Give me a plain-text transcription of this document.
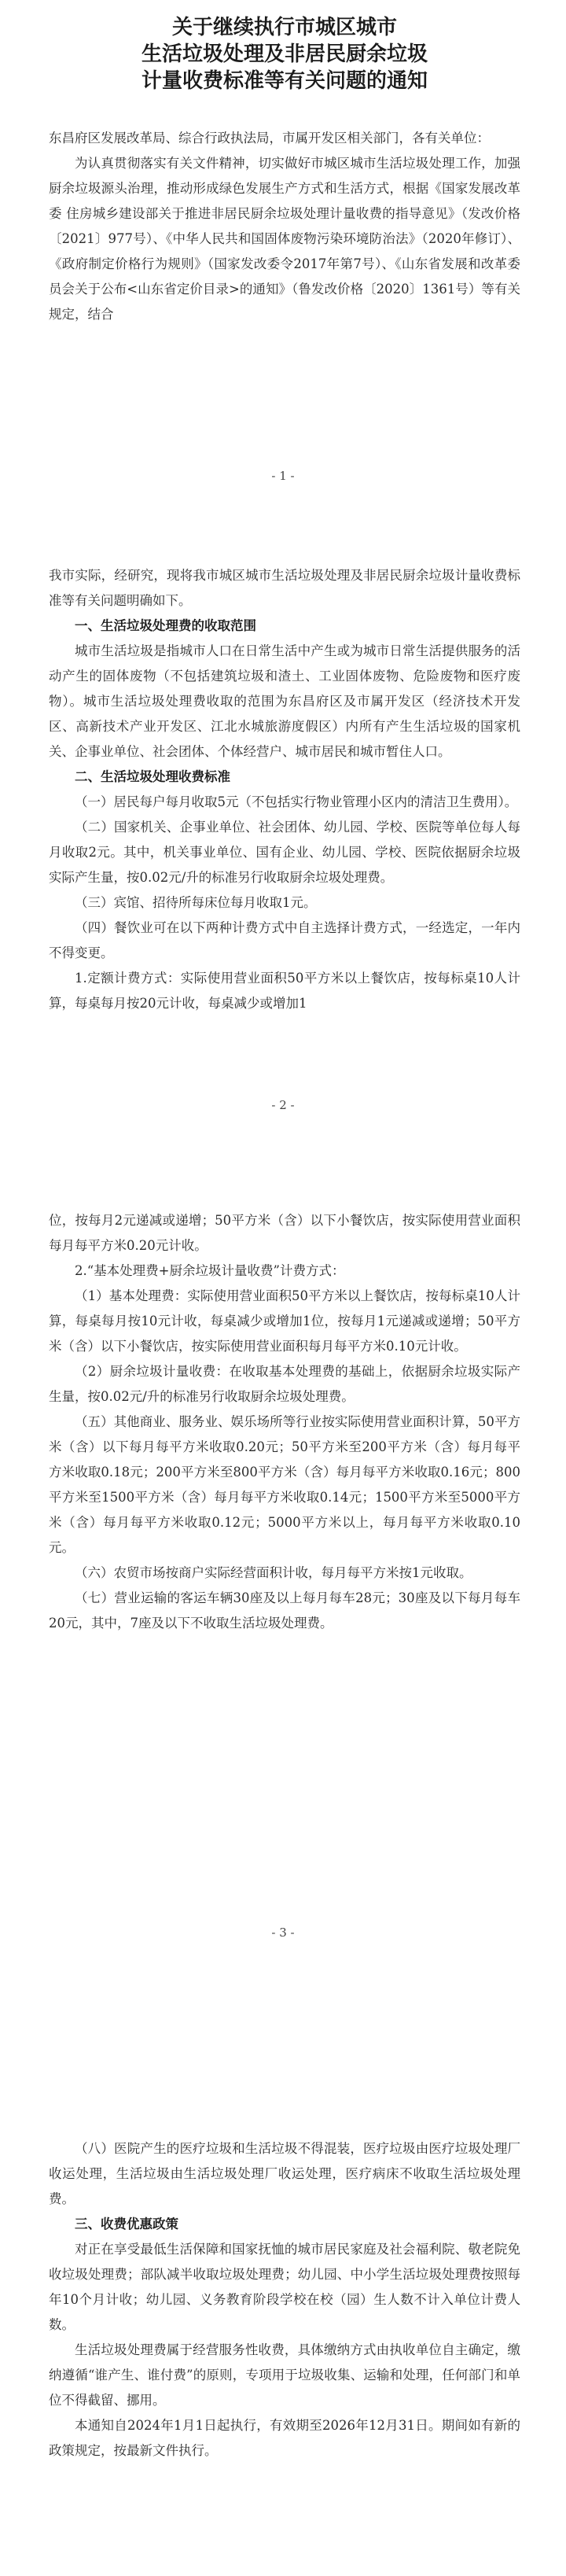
关于继续执行市城区城市
生活垃圾处理及非居民厨余垃圾
计量收费标准等有关问题的通知

东昌府区发展改革局、综合行政执法局，市属开发区相关部门，各有关单位：

为认真贯彻落实有关文件精神，切实做好市城区城市生活垃圾处理工作，加强厨余垃圾源头治理，推动形成绿色发展生产方式和生活方式，根据《国家发展改革委 住房城乡建设部关于推进非居民厨余垃圾处理计量收费的指导意见》（发改价格〔2021〕977号）、《中华人民共和国固体废物污染环境防治法》（2020年修订）、《政府制定价格行为规则》（国家发改委令2017年第7号）、《山东省发展和改革委员会关于公布<山东省定价目录>的通知》（鲁发改价格〔2020〕1361号）等有关规定，结合

- 1 -

我市实际，经研究，现将我市城区城市生活垃圾处理及非居民厨余垃圾计量收费标准等有关问题明确如下。

一、生活垃圾处理费的收取范围

城市生活垃圾是指城市人口在日常生活中产生或为城市日常生活提供服务的活动产生的固体废物（不包括建筑垃圾和渣土、工业固体废物、危险废物和医疗废物）。城市生活垃圾处理费收取的范围为东昌府区及市属开发区（经济技术开发区、高新技术产业开发区、江北水城旅游度假区）内所有产生生活垃圾的国家机关、企事业单位、社会团体、个体经营户、城市居民和城市暂住人口。

二、生活垃圾处理收费标准

（一）居民每户每月收取5元（不包括实行物业管理小区内的清洁卫生费用）。

（二）国家机关、企事业单位、社会团体、幼儿园、学校、医院等单位每人每月收取2元。其中，机关事业单位、国有企业、幼儿园、学校、医院依据厨余垃圾实际产生量，按0.02元/升的标准另行收取厨余垃圾处理费。

（三）宾馆、招待所每床位每月收取1元。

（四）餐饮业可在以下两种计费方式中自主选择计费方式，一经选定，一年内不得变更。

1.定额计费方式：实际使用营业面积50平方米以上餐饮店，按每标桌10人计算，每桌每月按20元计收，每桌减少或增加1

- 2 -

位，按每月2元递减或递增；50平方米（含）以下小餐饮店，按实际使用营业面积每月每平方米0.20元计收。

2.“基本处理费+厨余垃圾计量收费”计费方式：

（1）基本处理费：实际使用营业面积50平方米以上餐饮店，按每标桌10人计算，每桌每月按10元计收，每桌减少或增加1位，按每月1元递减或递增；50平方米（含）以下小餐饮店，按实际使用营业面积每月每平方米0.10元计收。

（2）厨余垃圾计量收费：在收取基本处理费的基础上，依据厨余垃圾实际产生量，按0.02元/升的标准另行收取厨余垃圾处理费。

（五）其他商业、服务业、娱乐场所等行业按实际使用营业面积计算，50平方米（含）以下每月每平方米收取0.20元；50平方米至200平方米（含）每月每平方米收取0.18元；200平方米至800平方米（含）每月每平方米收取0.16元；800平方米至1500平方米（含）每月每平方米收取0.14元；1500平方米至5000平方米（含）每月每平方米收取0.12元；5000平方米以上，每月每平方米收取0.10元。

（六）农贸市场按商户实际经营面积计收，每月每平方米按1元收取。

（七）营业运输的客运车辆30座及以上每月每车28元；30座及以下每月每车20元，其中，7座及以下不收取生活垃圾处理费。

- 3 -

（八）医院产生的医疗垃圾和生活垃圾不得混装，医疗垃圾由医疗垃圾处理厂收运处理，生活垃圾由生活垃圾处理厂收运处理，医疗病床不收取生活垃圾处理费。

三、收费优惠政策

对正在享受最低生活保障和国家抚恤的城市居民家庭及社会福利院、敬老院免收垃圾处理费；部队减半收取垃圾处理费；幼儿园、中小学生活垃圾处理费按照每年10个月计收；幼儿园、义务教育阶段学校在校（园）生人数不计入单位计费人数。

生活垃圾处理费属于经营服务性收费，具体缴纳方式由执收单位自主确定，缴纳遵循“谁产生、谁付费”的原则，专项用于垃圾收集、运输和处理，任何部门和单位不得截留、挪用。

本通知自2024年1月1日起执行，有效期至2026年12月31日。期间如有新的政策规定，按最新文件执行。
